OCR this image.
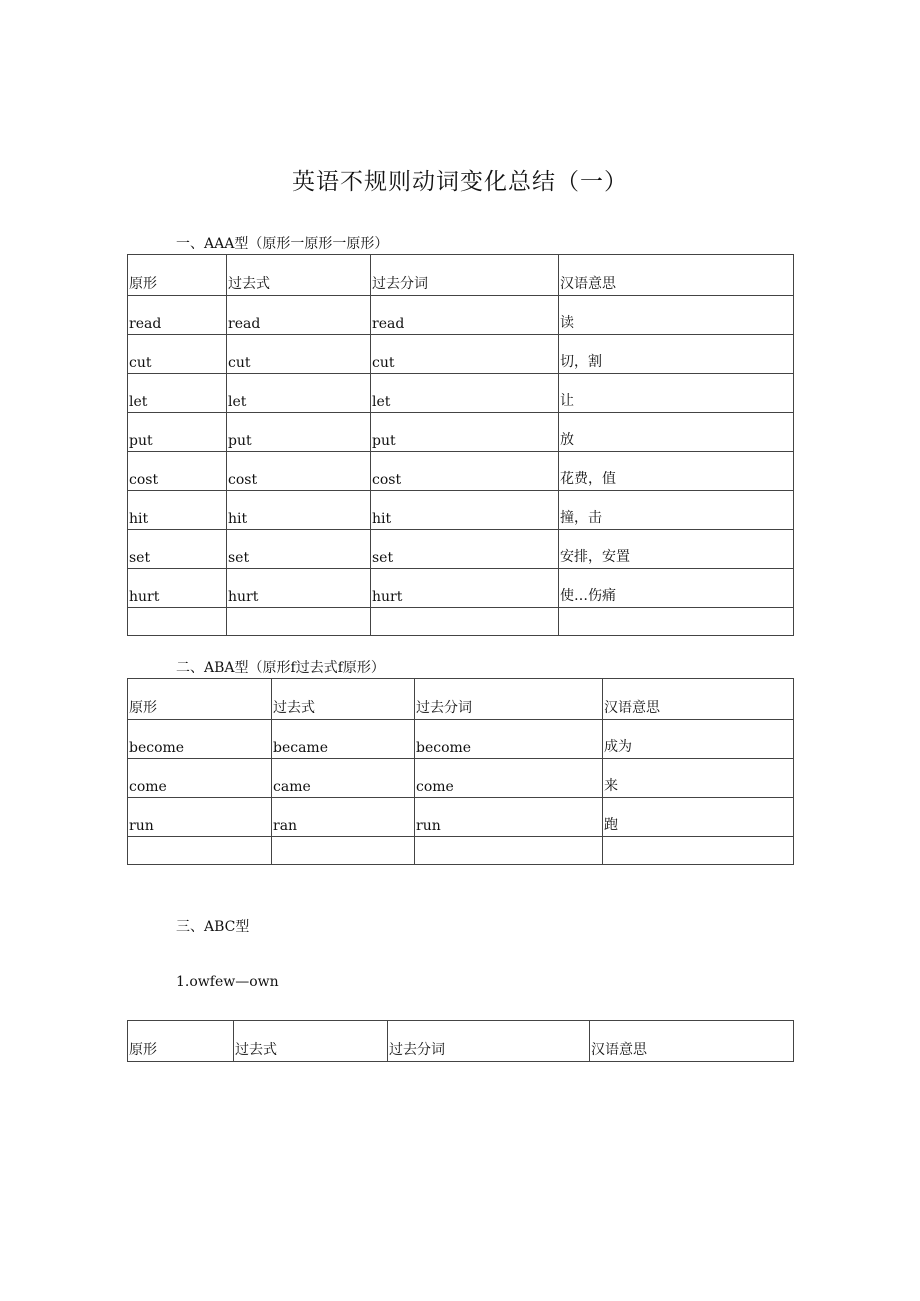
英语不规则动词变化总结（一）
一、AAA型（原形一原形一原形）
原形	过去式	过去分词	汉语意思
read	read	read	读
cut	cut	cut	切，割
let	let	let	让
put	put	put	放
cost	cost	cost	花费，值
hit	hit	hit	撞，击
set	set	set	安排，安置
hurt	hurt	hurt	使…伤痛

二、ABA型（原形f过去式f原形）
原形	过去式	过去分词	汉语意思
become	became	become	成为
come	came	come	来
run	ran	run	跑

三、ABC型
1.owfew—own
原形	过去式	过去分词	汉语意思
